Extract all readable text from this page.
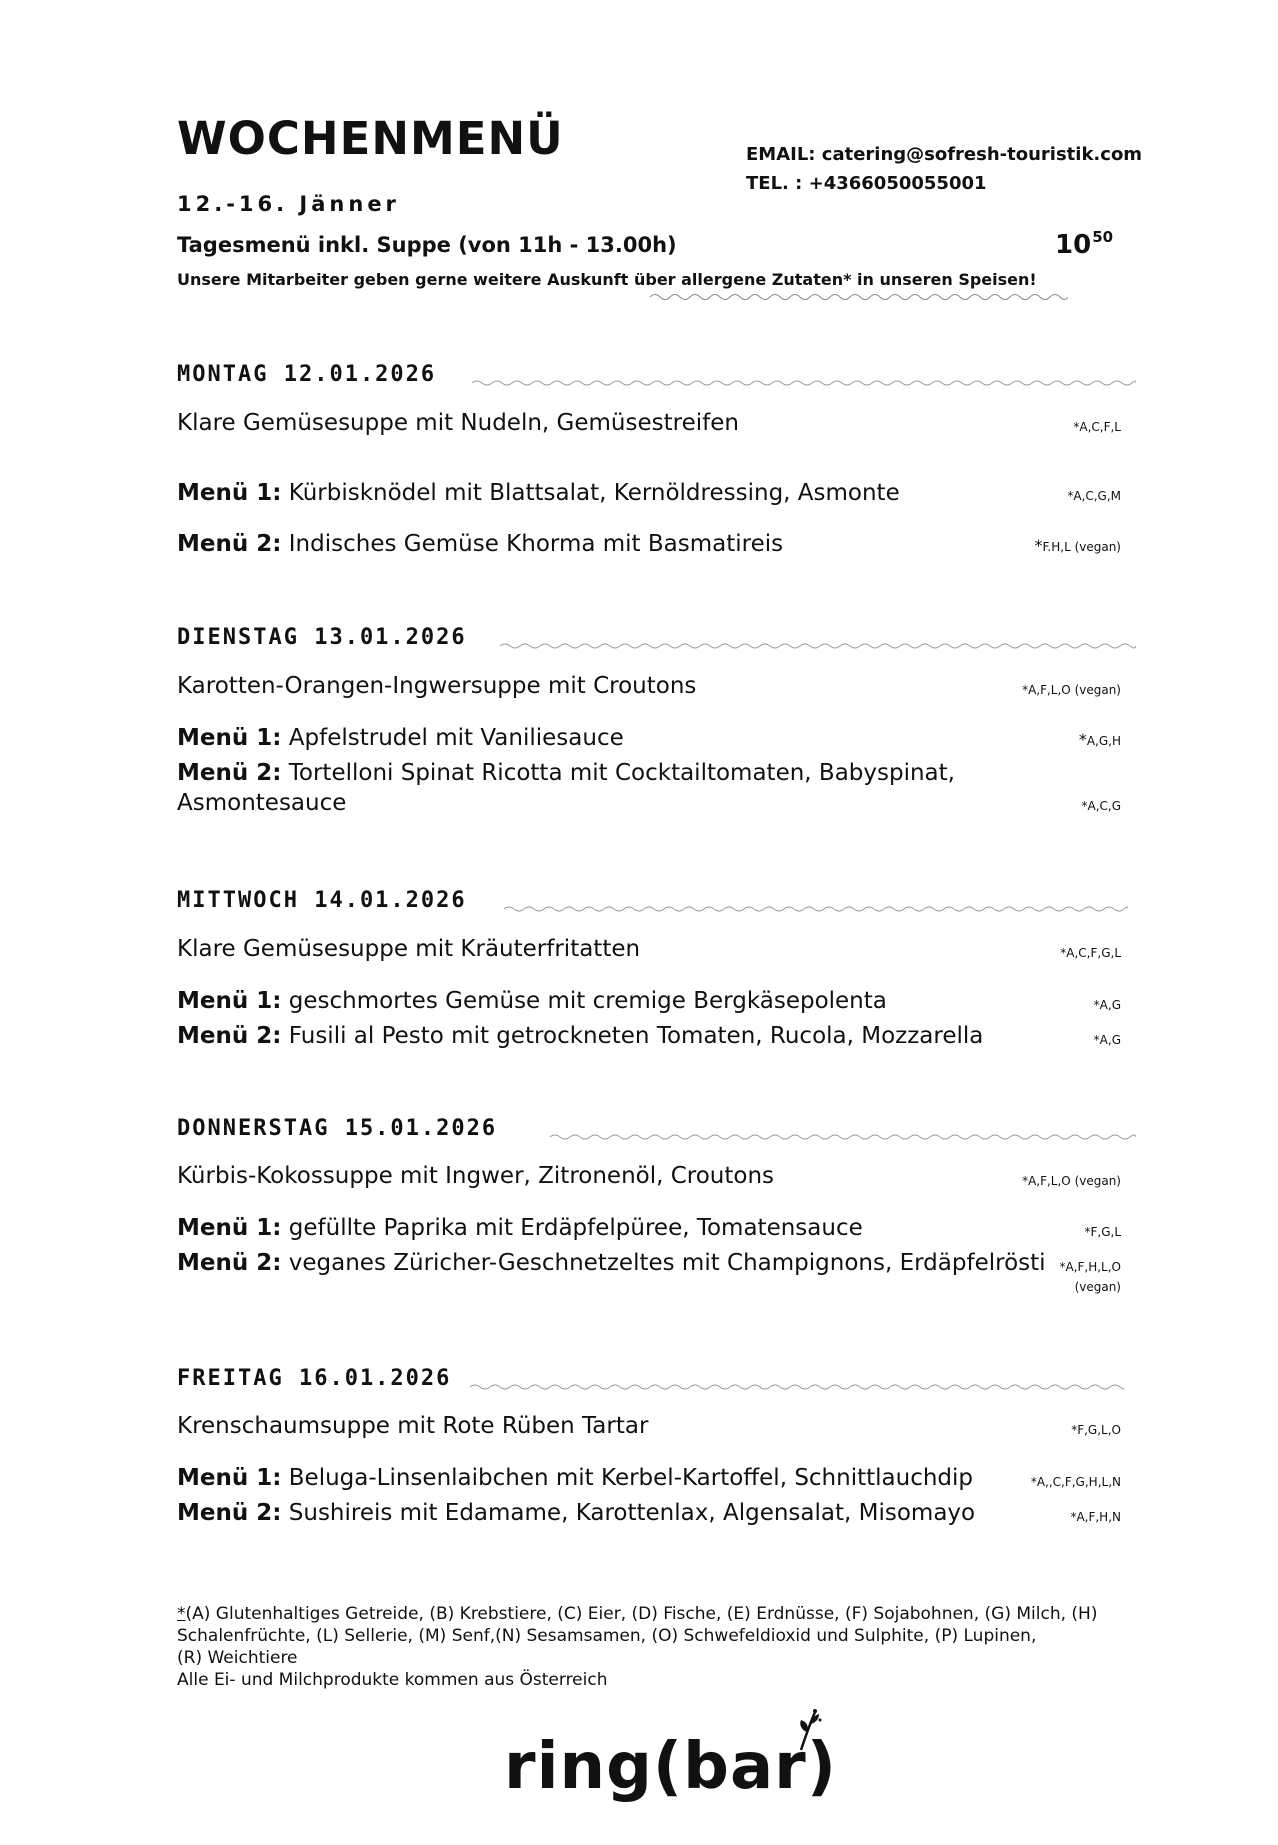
WOCHENMENÜ	EMAIL: catering@sofresh-touristik.com
TEL. : +4366050055001
12.-16. Jänner
Tagesmenü inkl. Suppe (von 11h - 13.00h)	$10^{50}$
Unsere Mitarbeiter geben gerne weitere Auskunft über allergene Zutaten* in unseren Speisen!
MONTAG 12.01.2026
Klare Gemüsesuppe mit Nudeln, Gemüsestreifen	*A,C,F,L
Menü 1: Kürbisknödel mit Blattsalat, Kernöldressing, Asmonte	*A,C,G,M
Menü 2: Indisches Gemüse Khorma mit Basmatireis	*F.H,L (vegan)
DIENSTAG 13.01.2026
Karotten-Orangen-Ingwersuppe mit Croutons	*A,F,L,O (vegan)
Menü 1: Apfelstrudel mit Vaniliesauce	*A,G,H
Menü 2: Tortelloni Spinat Ricotta mit Cocktailtomaten, Babyspinat,
Asmontesauce	*A,C,G
MITTWOCH 14.01.2026
Klare Gemüsesuppe mit Kräuterfritatten	*A,C,F,G,L
Menü 1: geschmortes Gemüse mit cremige Bergkäsepolenta	*A,G
Menü 2: Fusili al Pesto mit getrockneten Tomaten, Rucola, Mozzarella	*A,G
DONNERSTAG 15.01.2026
Kürbis-Kokossuppe mit Ingwer, Zitronenöl, Croutons	*A,F,L,O (vegan)
Menü 1: gefüllte Paprika mit Erdäpfelpüree, Tomatensauce	*F,G,L
Menü 2: veganes Züricher-Geschnetzeltes mit Champignons, Erdäpfelrösti *A,F,H,L,O
(vegan)
FREITAG 16.01.2026
Krenschaumsuppe mit Rote Rüben Tartar	*F,G,L,O
Menü 1: Beluga-Linsenlaibchen mit Kerbel-Kartoffel, Schnittlauchdip	*A,,C,F,G,H,L,N
Menü 2: Sushireis mit Edamame, Karottenlax, Algensalat, Misomayo	*A,F,H,N
*(A) Glutenhaltiges Getreide, (B) Krebstiere, (C) Eier, (D) Fische, (E) Erdnüsse, (F) Sojabohnen, (G) Milch, (H)
Schalenfrüchte, (L) Sellerie, (M) Senf,(N) Sesamsamen, (O) Schwefeldioxid und Sulphite, (P) Lupinen,
(R) Weichtiere
Alle Ei- und Milchprodukte kommen aus Österreich
ring(bar)
